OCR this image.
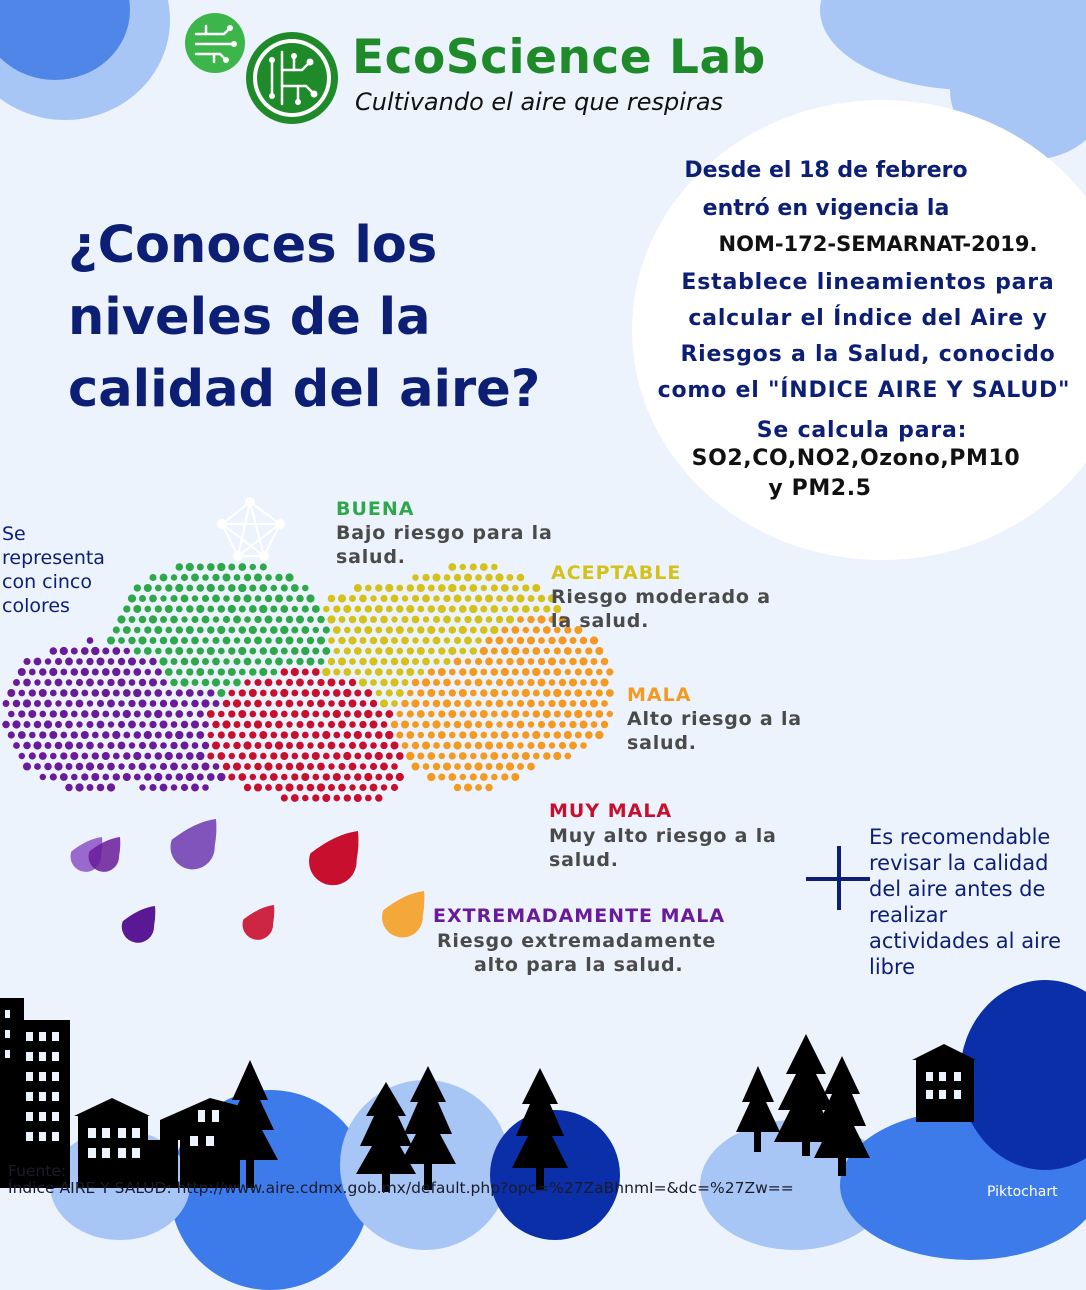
EcoScience Lab
Cultivando el aire que respiras
¿Conoces los
niveles de la
calidad del aire?
Desde el 18 de febrero
entró en vigencia la
NOM-172-SEMARNAT-2019.
Establece lineamientos para
calcular el Índice del Aire y
Riesgos a la Salud, conocido
como el "ÍNDICE AIRE Y SALUD"
Se calcula para:
SO2,CO,NO2,Ozono,PM10
y PM2.5
Se
representa
con cinco
colores
BUENA
Bajo riesgo para la
salud.
ACEPTABLE
Riesgo moderado a
la salud.
MALA
Alto riesgo a la
salud.
MUY MALA
Muy alto riesgo a la
salud.
EXTREMADAMENTE MALA
Riesgo extremadamente
alto para la salud.
Es recomendable
revisar la calidad
del aire antes de
realizar
actividades al aire
libre
Fuente:
Índice AIRE Y SALUD: http://www.aire.cdmx.gob.mx/default.php?opc=%27ZaBhnmI=&dc=%27Zw==	Piktochart
